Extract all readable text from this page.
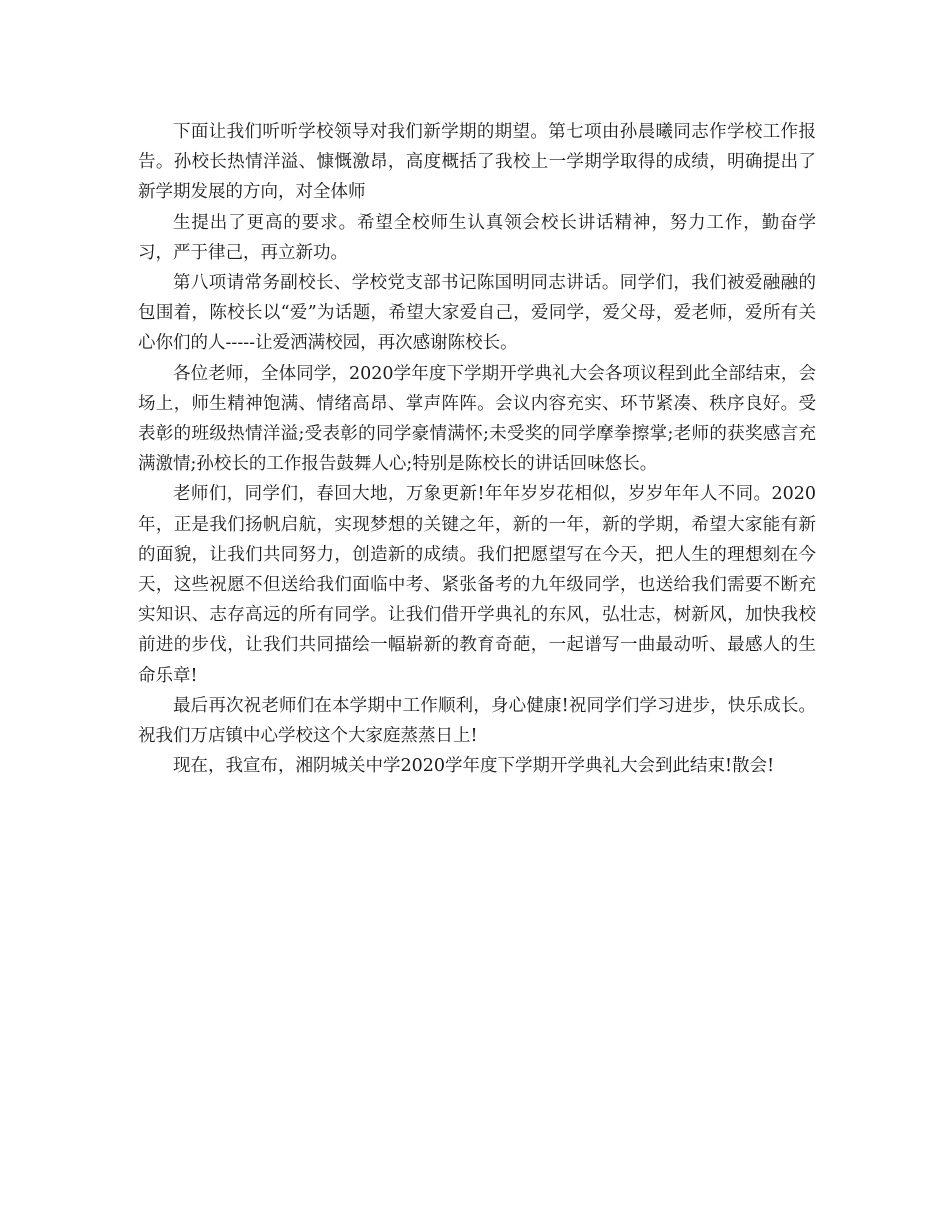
下面让我们听听学校领导对我们新学期的期望。第七项由孙晨曦同志作学校工作报告。孙校长热情洋溢、慷慨激昂，高度概括了我校上一学期学取得的成绩，明确提出了新学期发展的方向，对全体师

生提出了更高的要求。希望全校师生认真领会校长讲话精神，努力工作，勤奋学习，严于律己，再立新功。

第八项请常务副校长、学校党支部书记陈国明同志讲话。同学们，我们被爱融融的包围着，陈校长以“爱”为话题，希望大家爱自己，爱同学，爱父母，爱老师，爱所有关心你们的人-----让爱洒满校园，再次感谢陈校长。

各位老师，全体同学，2020学年度下学期开学典礼大会各项议程到此全部结束，会场上，师生精神饱满、情绪高昂、掌声阵阵。会议内容充实、环节紧凑、秩序良好。受表彰的班级热情洋溢;受表彰的同学豪情满怀;未受奖的同学摩拳擦掌;老师的获奖感言充满激情;孙校长的工作报告鼓舞人心;特别是陈校长的讲话回味悠长。

老师们，同学们，春回大地，万象更新!年年岁岁花相似，岁岁年年人不同。2020年，正是我们扬帆启航，实现梦想的关键之年，新的一年，新的学期，希望大家能有新的面貌，让我们共同努力，创造新的成绩。我们把愿望写在今天，把人生的理想刻在今天，这些祝愿不但送给我们面临中考、紧张备考的九年级同学，也送给我们需要不断充实知识、志存高远的所有同学。让我们借开学典礼的东风，弘壮志，树新风，加快我校前进的步伐，让我们共同描绘一幅崭新的教育奇葩，一起谱写一曲最动听、最感人的生命乐章!

最后再次祝老师们在本学期中工作顺利，身心健康!祝同学们学习进步，快乐成长。祝我们万店镇中心学校这个大家庭蒸蒸日上!

现在，我宣布，湘阴城关中学2020学年度下学期开学典礼大会到此结束!散会!
